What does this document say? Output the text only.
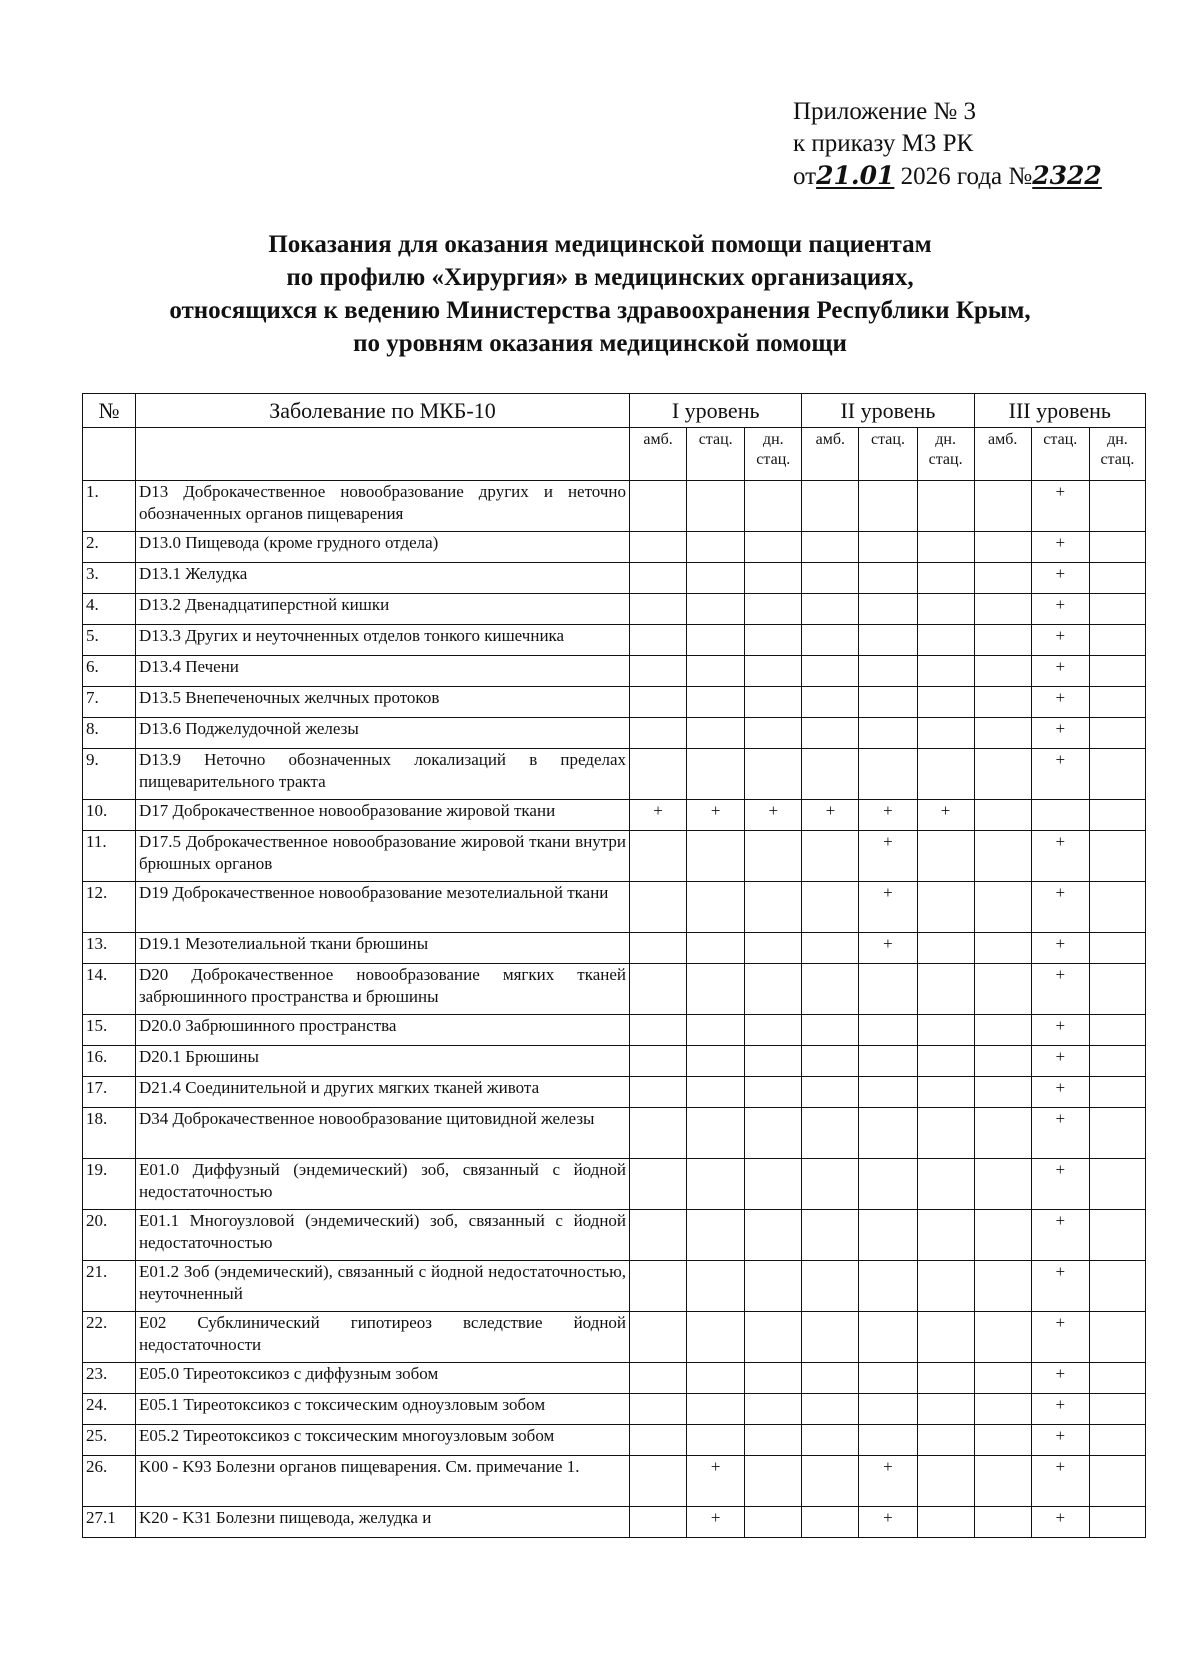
Приложение № 3
к приказу МЗ РК
от21.01 2026 года №2322
Показания для оказания медицинской помощи пациентам
по профилю «Хирургия» в медицинских организациях,
относящихся к ведению Министерства здравоохранения Республики Крым,
по уровням оказания медицинской помощи
№	Заболевание по МКБ-10	I уровень			II уровень			III уровень		
		амб.	стац.	дн. стац.	амб.	стац.	дн. стац.	амб.	стац.	дн. стац.
1.	D13 Доброкачественное новообразование других и неточно обозначенных органов пищеварения								+	
2.	D13.0 Пищевода (кроме грудного отдела)								+	
3.	D13.1 Желудка								+	
4.	D13.2 Двенадцатиперстной кишки								+	
5.	D13.3 Других и неуточненных отделов тонкого кишечника								+	
6.	D13.4 Печени								+	
7.	D13.5 Внепеченочных желчных протоков								+	
8.	D13.6 Поджелудочной железы								+	
9.	D13.9 Неточно обозначенных локализаций в пределах пищеварительного тракта								+	
10.	D17 Доброкачественное новообразование жировой ткани	+	+	+	+	+	+			
11.	D17.5 Доброкачественное новообразование жировой ткани внутри брюшных органов					+			+	
12.	D19 Доброкачественное новообразование мезотелиальной ткани					+			+	
13.	D19.1 Мезотелиальной ткани брюшины					+			+	
14.	D20 Доброкачественное новообразование мягких тканей забрюшинного пространства и брюшины								+	
15.	D20.0 Забрюшинного пространства								+	
16.	D20.1 Брюшины								+	
17.	D21.4 Соединительной и других мягких тканей живота								+	
18.	D34 Доброкачественное новообразование щитовидной железы								+	
19.	E01.0 Диффузный (эндемический) зоб, связанный с йодной недостаточностью								+	
20.	E01.1 Многоузловой (эндемический) зоб, связанный с йодной недостаточностью								+	
21.	E01.2 Зоб (эндемический), связанный с йодной недостаточностью, неуточненный								+	
22.	E02 Субклинический гипотиреоз вследствие йодной недостаточности								+	
23.	E05.0 Тиреотоксикоз с диффузным зобом								+	
24.	E05.1 Тиреотоксикоз с токсическим одноузловым зобом								+	
25.	E05.2 Тиреотоксикоз с токсическим многоузловым зобом								+	
26.	K00 - K93 Болезни органов пищеварения. См. примечание 1.		+			+			+	
27.1	K20 - K31 Болезни пищевода, желудка и		+			+			+	
